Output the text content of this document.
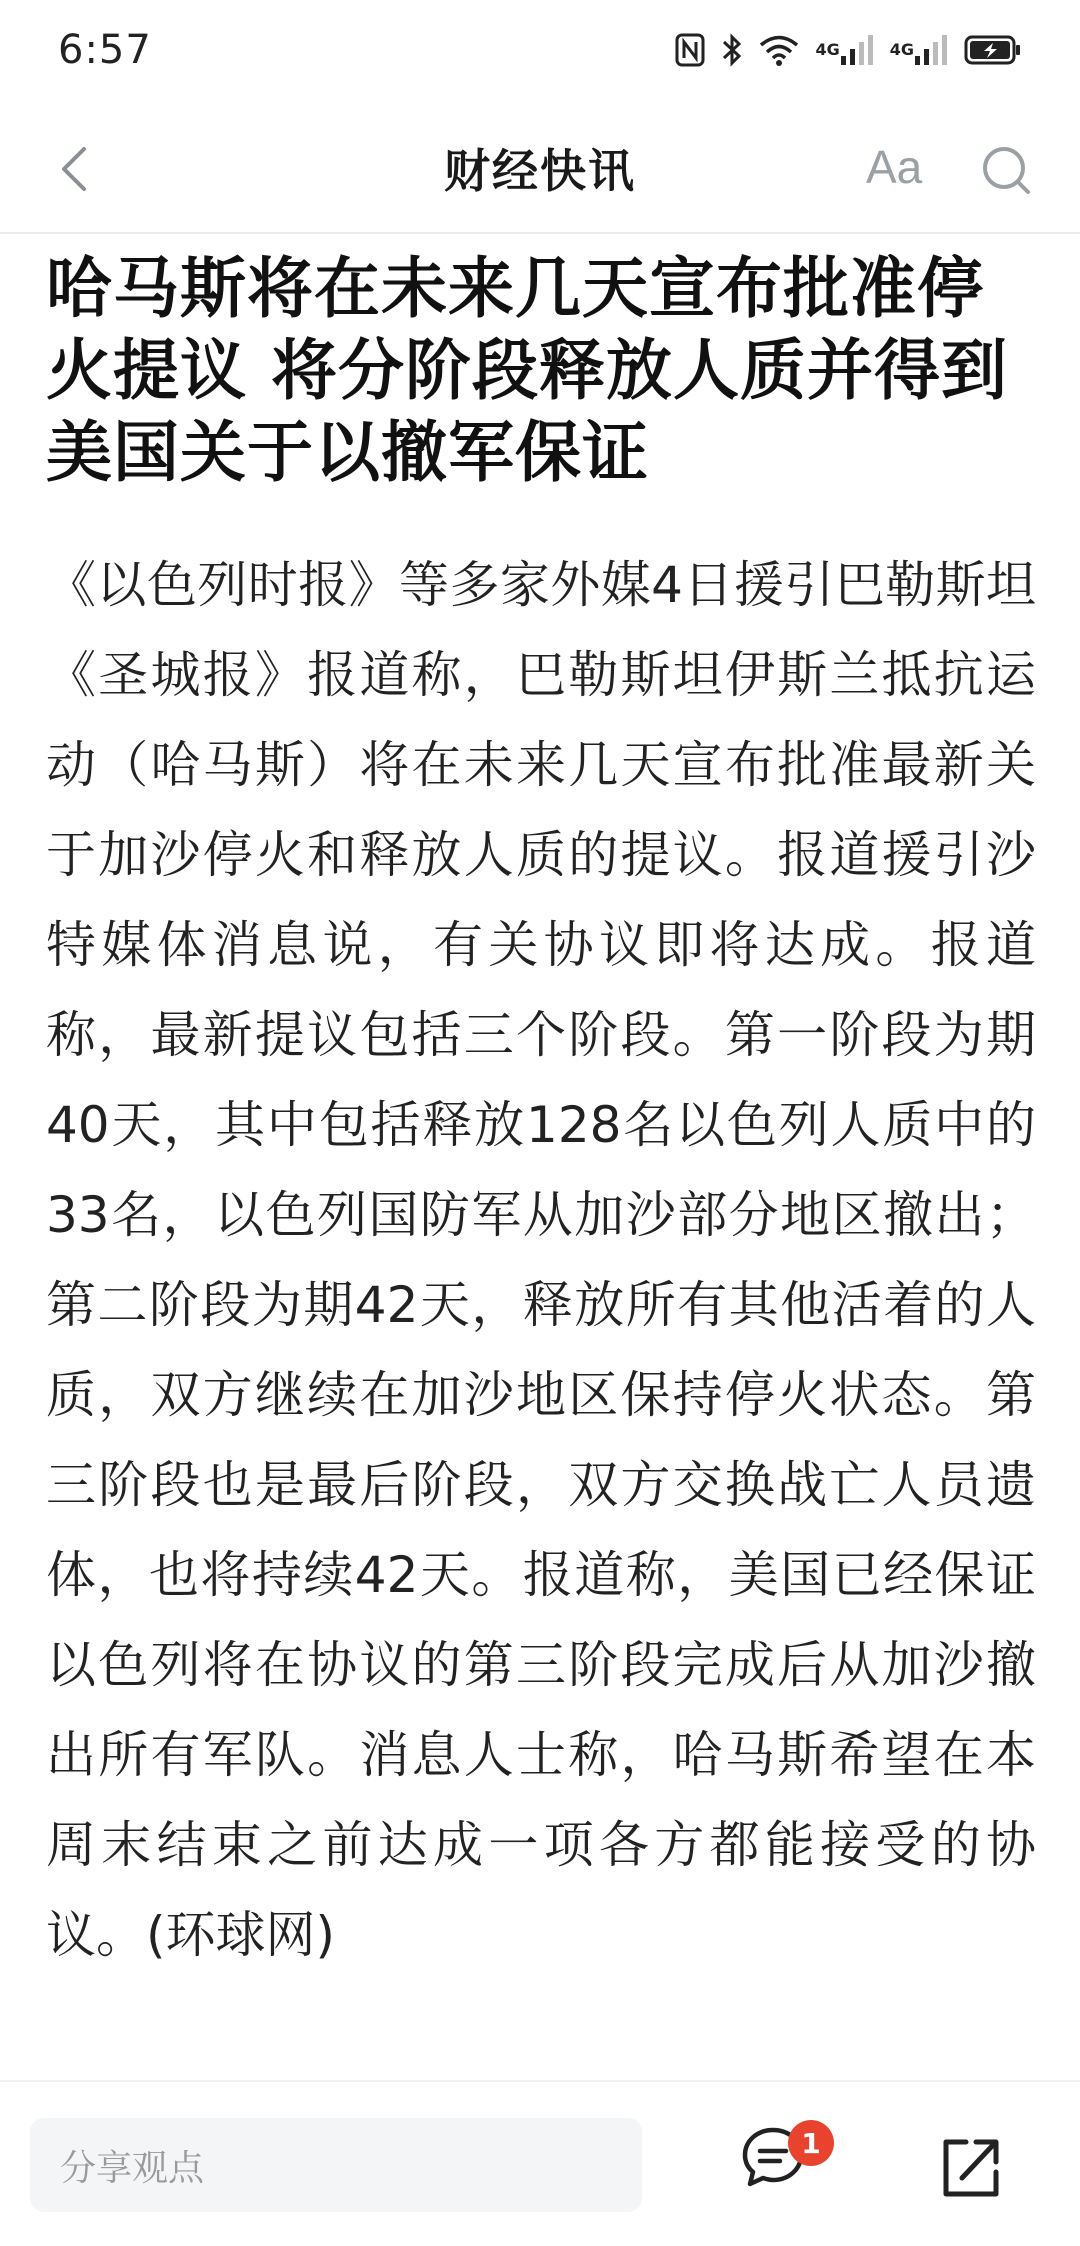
6:57	4G	4G
财经快讯	Aa
哈马斯将在未来几天宣布批准停火提议 将分阶段释放人质并得到美国关于以撤军保证

《以色列时报》等多家外媒4日援引巴勒斯坦《圣城报》报道称，巴勒斯坦伊斯兰抵抗运动（哈马斯）将在未来几天宣布批准最新关于加沙停火和释放人质的提议。报道援引沙特媒体消息说，有关协议即将达成。报道称，最新提议包括三个阶段。第一阶段为期40天，其中包括释放128名以色列人质中的33名，以色列国防军从加沙部分地区撤出；第二阶段为期42天，释放所有其他活着的人质，双方继续在加沙地区保持停火状态。第三阶段也是最后阶段，双方交换战亡人员遗体，也将持续42天。报道称，美国已经保证以色列将在协议的第三阶段完成后从加沙撤出所有军队。消息人士称，哈马斯希望在本周末结束之前达成一项各方都能接受的协议。(环球网)

分享观点
1
